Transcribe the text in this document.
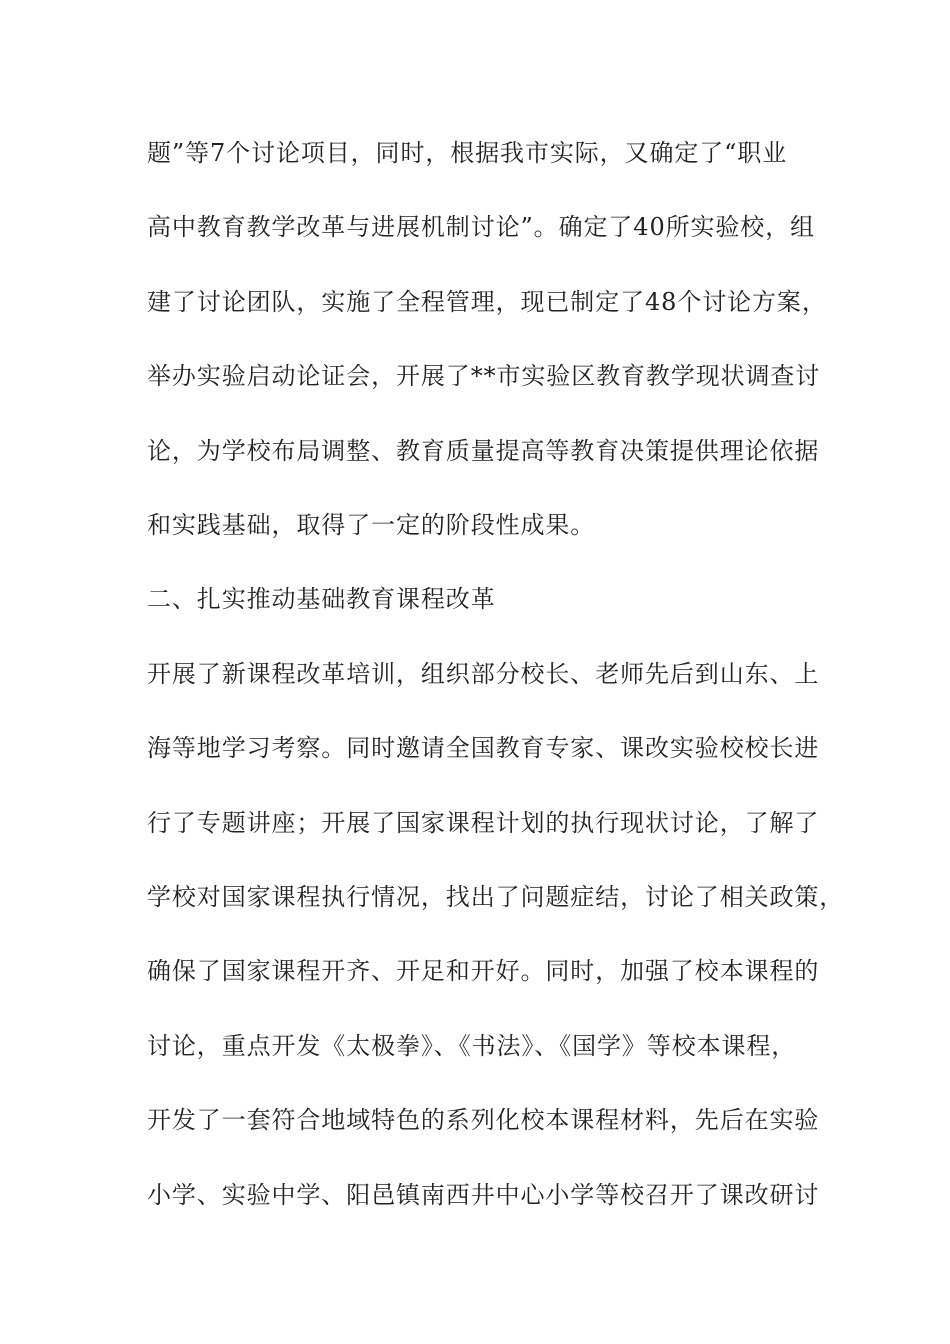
题”等7个讨论项目，同时，根据我市实际，又确定了“职业
高中教育教学改革与进展机制讨论”。确定了40所实验校，组
建了讨论团队，实施了全程管理，现已制定了48个讨论方案，
举办实验启动论证会，开展了**市实验区教育教学现状调查讨
论，为学校布局调整、教育质量提高等教育决策提供理论依据
和实践基础，取得了一定的阶段性成果。
二、扎实推动基础教育课程改革
开展了新课程改革培训，组织部分校长、老师先后到山东、上
海等地学习考察。同时邀请全国教育专家、课改实验校校长进
行了专题讲座；开展了国家课程计划的执行现状讨论，了解了
学校对国家课程执行情况，找出了问题症结，讨论了相关政策，
确保了国家课程开齐、开足和开好。同时，加强了校本课程的
讨论，重点开发《太极拳》、《书法》、《国学》等校本课程，
开发了一套符合地域特色的系列化校本课程材料，先后在实验
小学、实验中学、阳邑镇南西井中心小学等校召开了课改研讨
